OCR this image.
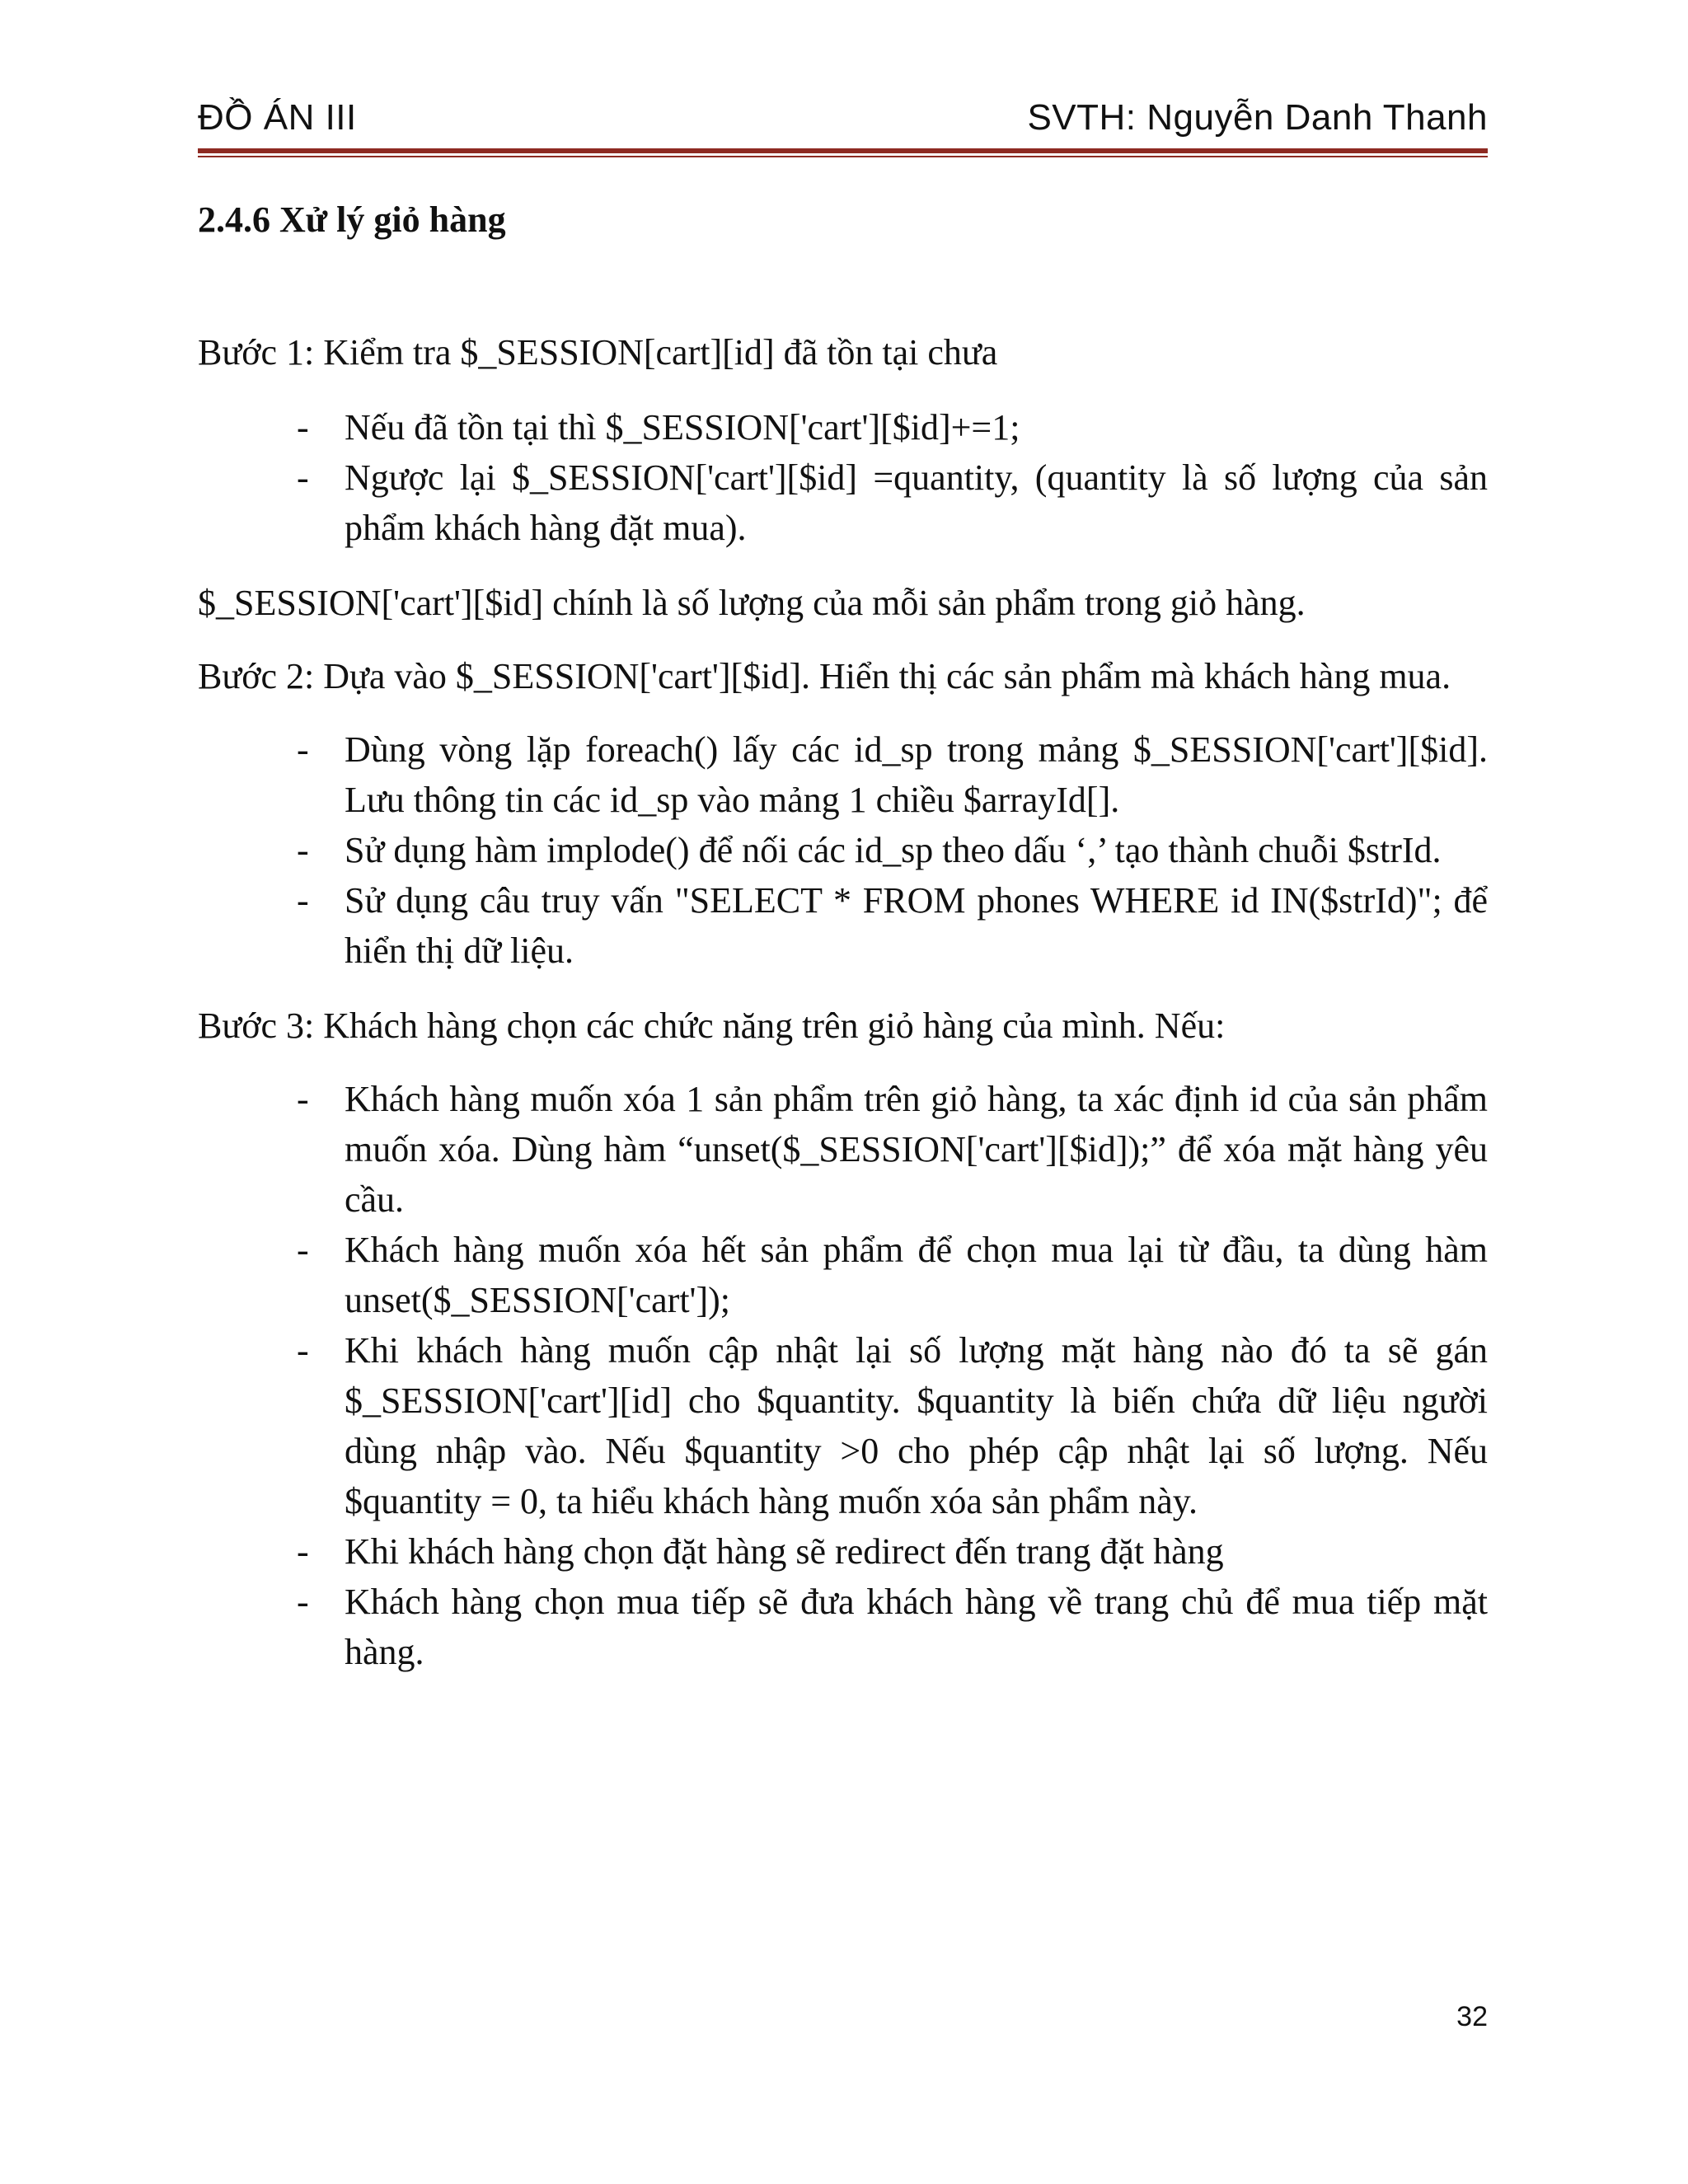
ĐỒ ÁN III	SVTH: Nguyễn Danh Thanh
2.4.6 Xử lý giỏ hàng

Bước 1: Kiểm tra $_SESSION[cart][id] đã tồn tại chưa

- Nếu đã tồn tại thì $_SESSION['cart'][$id]+=1;
- Ngược lại $_SESSION['cart'][$id] =quantity, (quantity là số lượng của sản phẩm khách hàng đặt mua).

$_SESSION['cart'][$id] chính là số lượng của mỗi sản phẩm trong giỏ hàng.

Bước 2: Dựa vào $_SESSION['cart'][$id]. Hiển thị các sản phẩm mà khách hàng mua.

- Dùng vòng lặp foreach() lấy các id_sp trong mảng $_SESSION['cart'][$id]. Lưu thông tin các id_sp vào mảng 1 chiều $arrayId[].
- Sử dụng hàm implode() để nối các id_sp theo dấu ‘,’ tạo thành chuỗi $strId.
- Sử dụng câu truy vấn "SELECT * FROM phones WHERE id IN($strId)"; để hiển thị dữ liệu.

Bước 3: Khách hàng chọn các chức năng trên giỏ hàng của mình. Nếu:

- Khách hàng muốn xóa 1 sản phẩm trên giỏ hàng, ta xác định id của sản phẩm muốn xóa. Dùng hàm “unset($_SESSION['cart'][$id]);” để xóa mặt hàng yêu cầu.
- Khách hàng muốn xóa hết sản phẩm để chọn mua lại từ đầu, ta dùng hàm unset($_SESSION['cart']);
- Khi khách hàng muốn cập nhật lại số lượng mặt hàng nào đó ta sẽ gán $_SESSION['cart'][id] cho $quantity. $quantity là biến chứa dữ liệu người dùng nhập vào. Nếu $quantity >0 cho phép cập nhật lại số lượng. Nếu $quantity = 0, ta hiểu khách hàng muốn xóa sản phẩm này.
- Khi khách hàng chọn đặt hàng sẽ redirect đến trang đặt hàng
- Khách hàng chọn mua tiếp sẽ đưa khách hàng về trang chủ để mua tiếp mặt hàng.
32
